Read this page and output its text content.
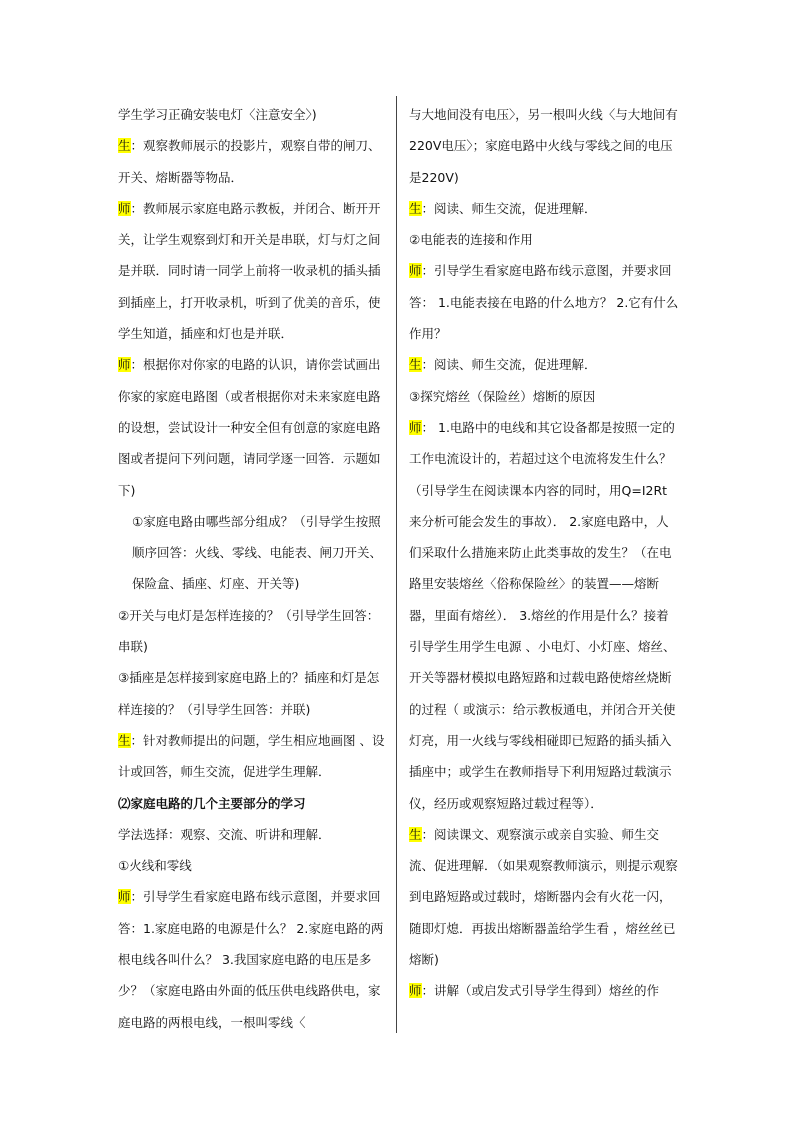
学生学习正确安装电灯〈注意安全〉)

生：观察教师展示的投影片，观察自带的闸刀、开关、熔断器等物品．

师：教师展示家庭电路示教板，并闭合、断开开关，让学生观察到灯和开关是串联，灯与灯之间是并联．同时请一同学上前将一收录机的插头插到插座上，打开收录机，听到了优美的音乐，使学生知道，插座和灯也是并联．

师：根据你对你家的电路的认识，请你尝试画出你家的家庭电路图（或者根据你对未来家庭电路的设想，尝试设计一种安全但有创意的家庭电路图或者提问下列问题，请同学逐一回答．示题如下)

①家庭电路由哪些部分组成？（引导学生按照顺序回答：火线、零线、电能表、闸刀开关、保险盒、插座、灯座、开关等)

②开关与电灯是怎样连接的？（引导学生回答：串联)

③插座是怎样接到家庭电路上的？插座和灯是怎样连接的？（引导学生回答：并联)

生：针对教师提出的问题，学生相应地画图 、设计或回答，师生交流，促进学生理解．

⑵家庭电路的几个主要部分的学习

学法选择：观察、交流、听讲和理解．

①火线和零线

师：引导学生看家庭电路布线示意图，并要求回答：1.家庭电路的电源是什么？ 2.家庭电路的两根电线各叫什么？ 3.我国家庭电路的电压是多少？（家庭电路由外面的低压供电线路供电，家庭电路的两根电线，一根叫零线〈

与大地间没有电压〉，另一根叫火线〈与大地间有220V电压〉；家庭电路中火线与零线之间的电压是220V)

生：阅读、师生交流，促进理解．

②电能表的连接和作用

师：引导学生看家庭电路布线示意图，并要求回答： 1.电能表接在电路的什么地方？ 2.它有什么作用？

生：阅读、师生交流，促进理解．

③探究熔丝（保险丝）熔断的原因

师： 1.电路中的电线和其它设备都是按照一定的工作电流设计的，若超过这个电流将发生什么？（引导学生在阅读课本内容的同时，用Q=I2Rt来分析可能会发生的事故）． 2.家庭电路中，人们采取什么措施来防止此类事故的发生？（在电路里安装熔丝〈俗称保险丝〉的装置——熔断器，里面有熔丝）． 3.熔丝的作用是什么？接着引导学生用学生电源 、小电灯、小灯座、熔丝、开关等器材模拟电路短路和过载电路使熔丝烧断的过程（ 或演示：给示教板通电，并闭合开关使灯亮，用一火线与零线相碰即已短路的插头插入插座中；或学生在教师指导下利用短路过载演示仪，经历或观察短路过载过程等）．

生：阅读课文、观察演示或亲自实验、师生交流、促进理解．（如果观察教师演示，则提示观察到电路短路或过载时，熔断器内会有火花一闪，随即灯熄．再拔出熔断器盖给学生看 ，熔丝丝已熔断)

师：讲解（或启发式引导学生得到）熔丝的作
